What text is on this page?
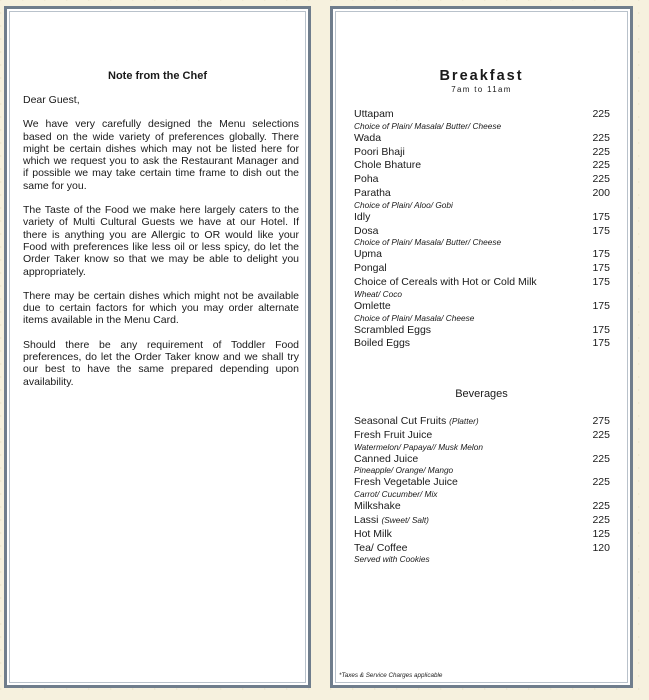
Note from the Chef

Dear Guest,

We have very carefully designed the Menu selections based on the wide variety of preferences globally. There might be certain dishes which may not be listed here for which we request you to ask the Restaurant Manager and if possible we may take certain time frame to dish out the same for you.

The Taste of the Food we make here largely caters to the variety of Multi Cultural Guests we have at our Hotel. If there is anything you are Allergic to OR would like your Food with preferences like less oil or less spicy, do let the Order Taker know so that we may be able to delight you appropriately.

There may be certain dishes which might not be available due to certain factors for which you may order alternate items available in the Menu Card.

Should there be any requirement of Toddler Food preferences, do let the Order Taker know and we shall try our best to have the same prepared depending upon availability.

Breakfast
7am to 11am
Uttapam	225
Choice of Plain/ Masala/ Butter/ Cheese
Wada	225
Poori Bhaji	225
Chole Bhature	225
Poha	225
Paratha	200
Choice of Plain/ Aloo/ Gobi
Idly	175
Dosa	175
Choice of Plain/ Masala/ Butter/ Cheese
Upma	175
Pongal	175
Choice of Cereals with Hot or Cold Milk	175
Wheat/ Coco
Omlette	175
Choice of Plain/ Masala/ Cheese
Scrambled Eggs	175
Boiled Eggs	175
Beverages
Seasonal Cut Fruits (Platter)	275
Fresh Fruit Juice	225
Watermelon/ Papaya// Musk Melon
Canned Juice	225
Pineapple/ Orange/ Mango
Fresh Vegetable Juice	225
Carrot/ Cucumber/ Mix
Milkshake	225
Lassi (Sweet/ Salt)	225
Hot Milk	125
Tea/ Coffee	120
Served with Cookies
*Taxes & Service Charges applicable
